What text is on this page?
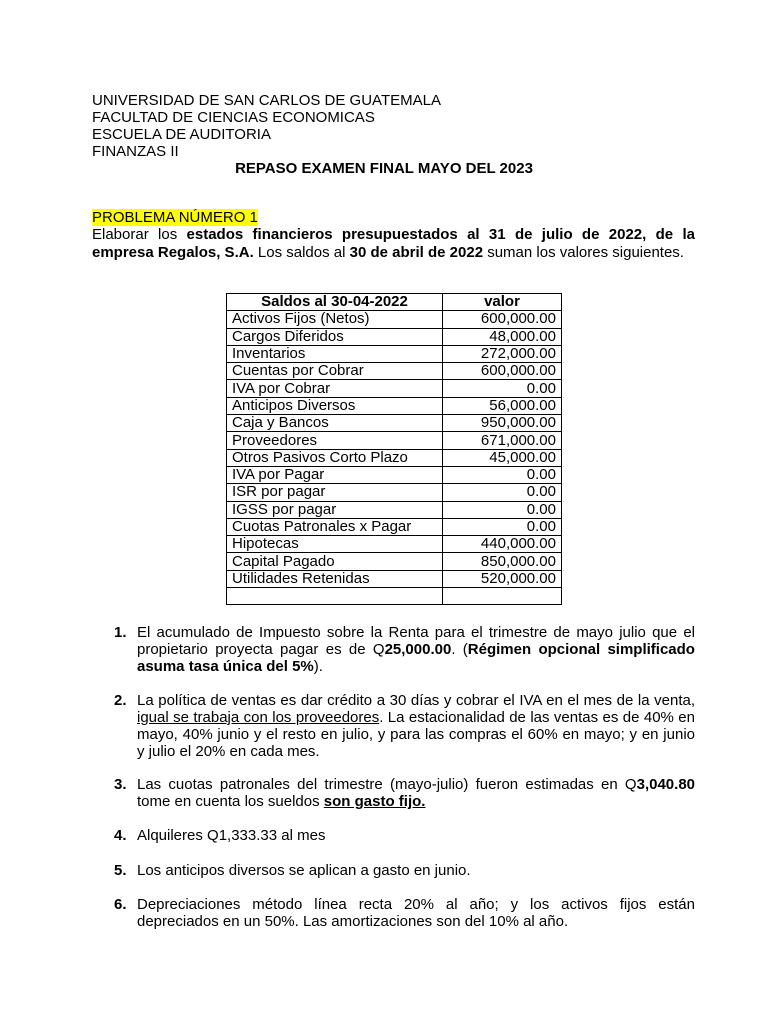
UNIVERSIDAD DE SAN CARLOS DE GUATEMALA
FACULTAD DE CIENCIAS ECONOMICAS
ESCUELA DE AUDITORIA
FINANZAS II
REPASO EXAMEN FINAL MAYO DEL 2023
PROBLEMA NÚMERO 1
Elaborar los estados financieros presupuestados al 31 de julio de 2022, de la empresa Regalos, S.A. Los saldos al 30 de abril de 2022 suman los valores siguientes.
Saldos al 30-04-2022	valor
Activos Fijos (Netos)	600,000.00
Cargos Diferidos	48,000.00
Inventarios	272,000.00
Cuentas por Cobrar	600,000.00
IVA por Cobrar	0.00
Anticipos Diversos	56,000.00
Caja y Bancos	950,000.00
Proveedores	671,000.00
Otros Pasivos Corto Plazo	45,000.00
IVA por Pagar	0.00
ISR por pagar	0.00
IGSS por pagar	0.00
Cuotas Patronales x Pagar	0.00
Hipotecas	440,000.00
Capital Pagado	850,000.00
Utilidades Retenidas	520,000.00

1. El acumulado de Impuesto sobre la Renta para el trimestre de mayo julio que el propietario proyecta pagar es de Q25,000.00. (Régimen opcional simplificado asuma tasa única del 5%).
2. La política de ventas es dar crédito a 30 días y cobrar el IVA en el mes de la venta, igual se trabaja con los proveedores. La estacionalidad de las ventas es de 40% en mayo, 40% junio y el resto en julio, y para las compras el 60% en mayo; y en junio y julio el 20% en cada mes.
3. Las cuotas patronales del trimestre (mayo-julio) fueron estimadas en Q3,040.80 tome en cuenta los sueldos son gasto fijo.
4. Alquileres Q1,333.33 al mes
5. Los anticipos diversos se aplican a gasto en junio.
6. Depreciaciones método línea recta 20% al año; y los activos fijos están depreciados en un 50%. Las amortizaciones son del 10% al año.
